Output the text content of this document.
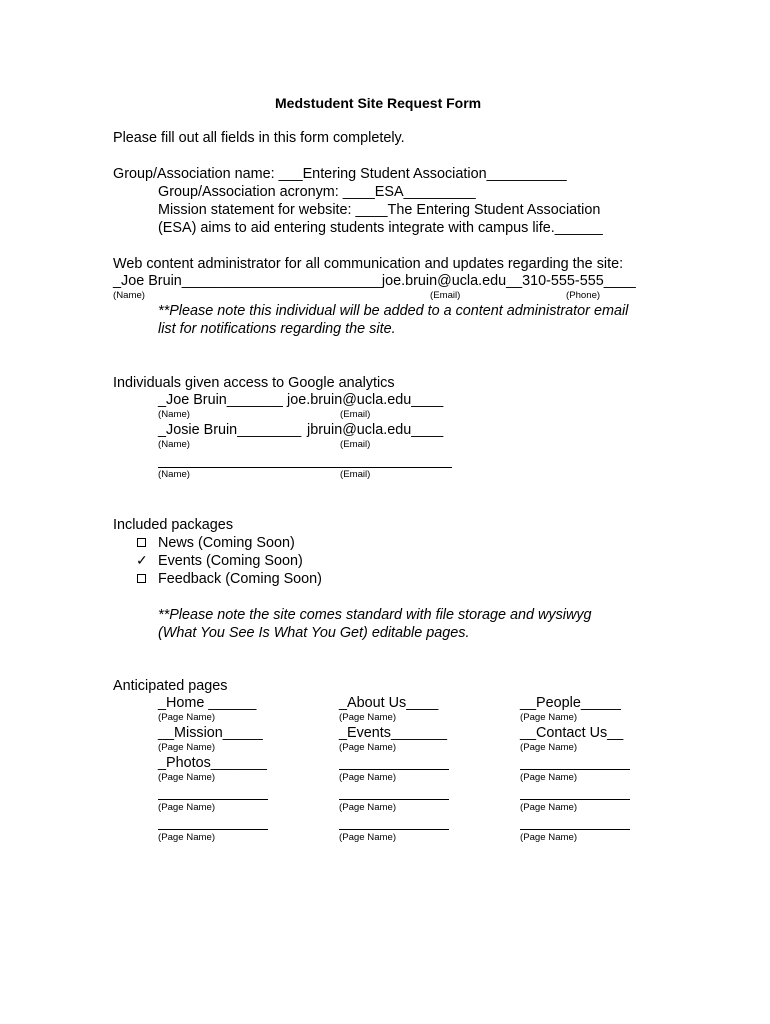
Medstudent Site Request Form
Please fill out all fields in this form completely.
Group/Association name: ___Entering Student Association__________
Group/Association acronym: ____ESA_________
Mission statement for website: ____The Entering Student Association
(ESA) aims to aid entering students integrate with campus life.______
Web content administrator for all communication and updates regarding the site:
_Joe Bruin_________________________joe.bruin@ucla.edu__310-555-555____
(Name)	(Email)	(Phone)
**Please note this individual will be added to a content administrator email
list for notifications regarding the site.
Individuals given access to Google analytics
_Joe Bruin_______ joe.bruin@ucla.edu____
(Name)	(Email)
_Josie Bruin________ jbruin@ucla.edu____
(Name)	(Email)
(Name)	(Email)
Included packages
News (Coming Soon)
✓ Events (Coming Soon)
Feedback (Coming Soon)
**Please note the site comes standard with file storage and wysiwyg
(What You See Is What You Get) editable pages.
Anticipated pages
_Home ______	_About Us____	__People_____
(Page Name)	(Page Name)	(Page Name)
__Mission_____	_Events_______	__Contact Us__
(Page Name)	(Page Name)	(Page Name)
_Photos_______
(Page Name)	(Page Name)	(Page Name)
(Page Name)	(Page Name)	(Page Name)
(Page Name)	(Page Name)	(Page Name)
